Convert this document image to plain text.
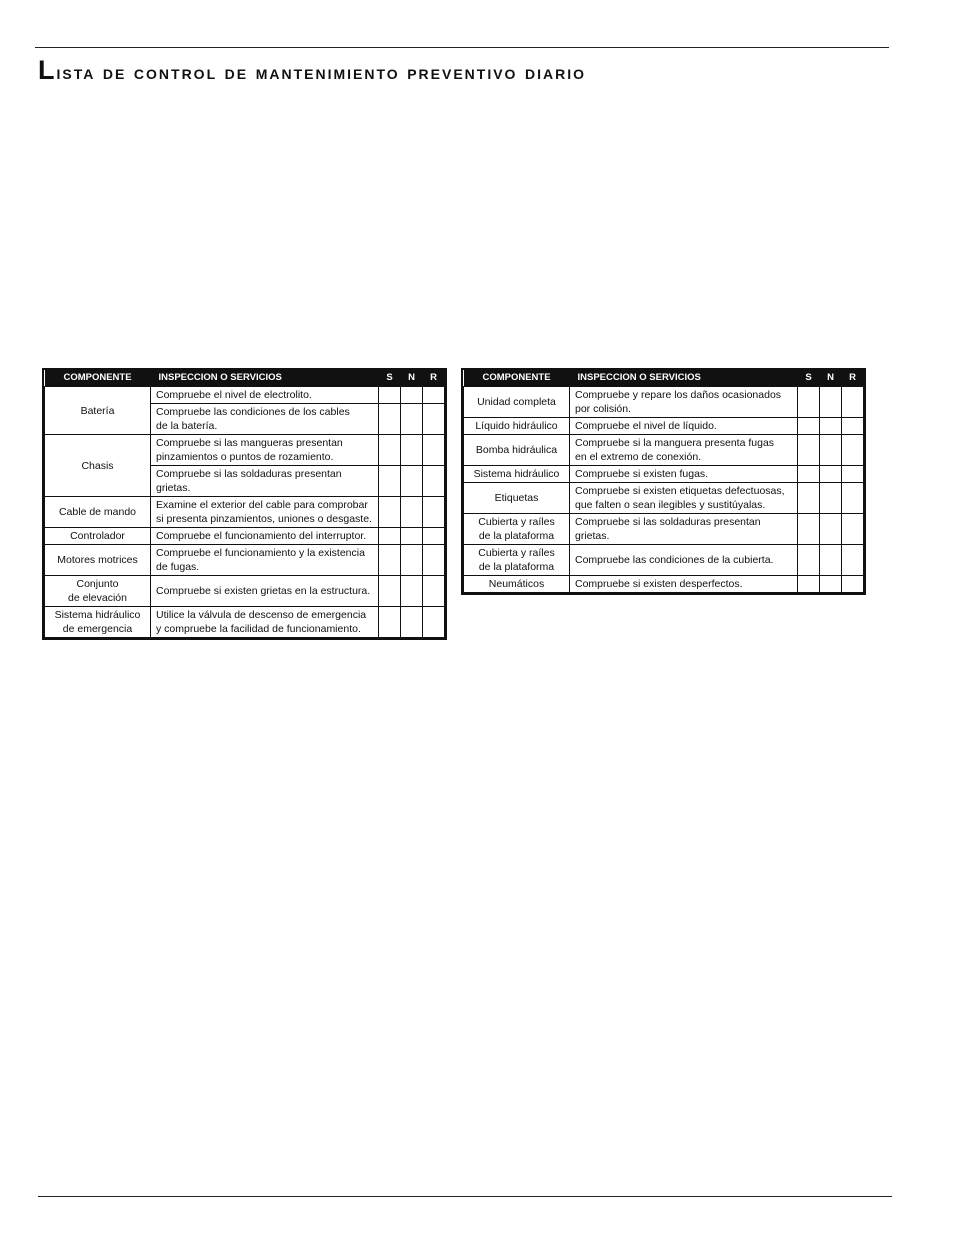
Lista de control de mantenimiento preventivo diario
COMPONENTE	INSPECCION O SERVICIOS	S	N	R
Batería	Compruebe el nivel de electrolito.			
	Compruebe las condiciones de los cables
de la batería.			
Chasis	Compruebe si las mangueras presentan
pinzamientos o puntos de rozamiento.			
	Compruebe si las soldaduras presentan grietas.			
Cable de mando	Examine el exterior del cable para comprobar
si presenta pinzamientos, uniones o desgaste.			
Controlador	Compruebe el funcionamiento del interruptor.			
Motores motrices	Compruebe el funcionamiento y la existencia
de fugas.			
Conjunto
de elevación	Compruebe si existen grietas en la estructura.			
Sistema hidráulico
de emergencia	Utilice la válvula de descenso de emergencia
y compruebe la facilidad de funcionamiento.			
COMPONENTE	INSPECCION O SERVICIOS	S	N	R
Unidad completa	Compruebe y repare los daños ocasionados
por colisión.			
Líquido hidráulico	Compruebe el nivel de líquido.			
Bomba hidráulica	Compruebe si la manguera presenta fugas
en el extremo de conexión.			
Sistema hidráulico	Compruebe si existen fugas.			
Etiquetas	Compruebe si existen etiquetas defectuosas,
que falten o sean ilegibles y sustitúyalas.			
Cubierta y raíles
de la plataforma	Compruebe si las soldaduras presentan grietas.			
Cubierta y raíles
de la plataforma	Compruebe las condiciones de la cubierta.			
Neumáticos	Compruebe si existen desperfectos.			
